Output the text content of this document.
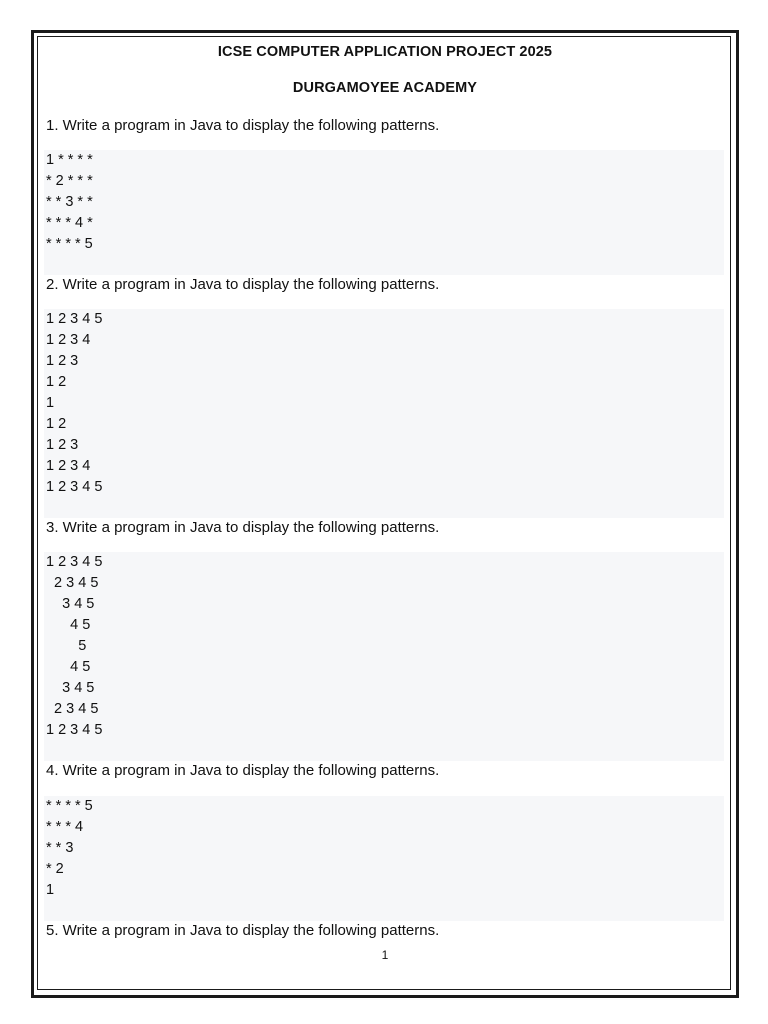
ICSE COMPUTER APPLICATION PROJECT 2025
DURGAMOYEE ACADEMY
1. Write a program in Java to display the following patterns.
1 * * * *
* 2 * * *
* * 3 * *
* * * 4 *
* * * * 5
2. Write a program in Java to display the following patterns.
1 2 3 4 5
1 2 3 4
1 2 3
1 2
1
1 2
1 2 3
1 2 3 4
1 2 3 4 5
3. Write a program in Java to display the following patterns.
1 2 3 4 5
2 3 4 5
3 4 5
4 5
5
4 5
3 4 5
2 3 4 5
1 2 3 4 5
4. Write a program in Java to display the following patterns.
* * * * 5
* * * 4
* * 3
* 2
1
5. Write a program in Java to display the following patterns.
1
